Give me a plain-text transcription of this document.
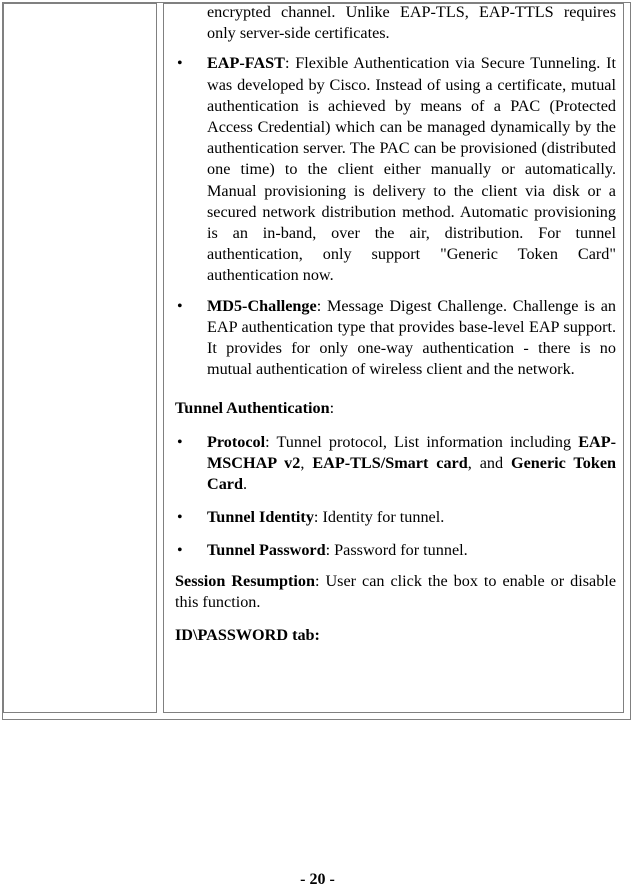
encrypted channel. Unlike EAP-TLS, EAP-TTLS requires only server-side certificates.

• EAP-FAST: Flexible Authentication via Secure Tunneling. It was developed by Cisco. Instead of using a certificate, mutual authentication is achieved by means of a PAC (Protected Access Credential) which can be managed dynamically by the authentication server. The PAC can be provisioned (distributed one time) to the client either manually or automatically. Manual provisioning is delivery to the client via disk or a secured network distribution method. Automatic provisioning is an in-band, over the air, distribution. For tunnel authentication, only support "Generic Token Card" authentication now.

• MD5-Challenge: Message Digest Challenge. Challenge is an EAP authentication type that provides base-level EAP support. It provides for only one-way authentication - there is no mutual authentication of wireless client and the network.

Tunnel Authentication:

• Protocol: Tunnel protocol, List information including EAP-MSCHAP v2, EAP-TLS/Smart card, and Generic Token Card.

• Tunnel Identity: Identity for tunnel.

• Tunnel Password: Password for tunnel.

Session Resumption: User can click the box to enable or disable this function.

ID\PASSWORD tab:

- 20 -
